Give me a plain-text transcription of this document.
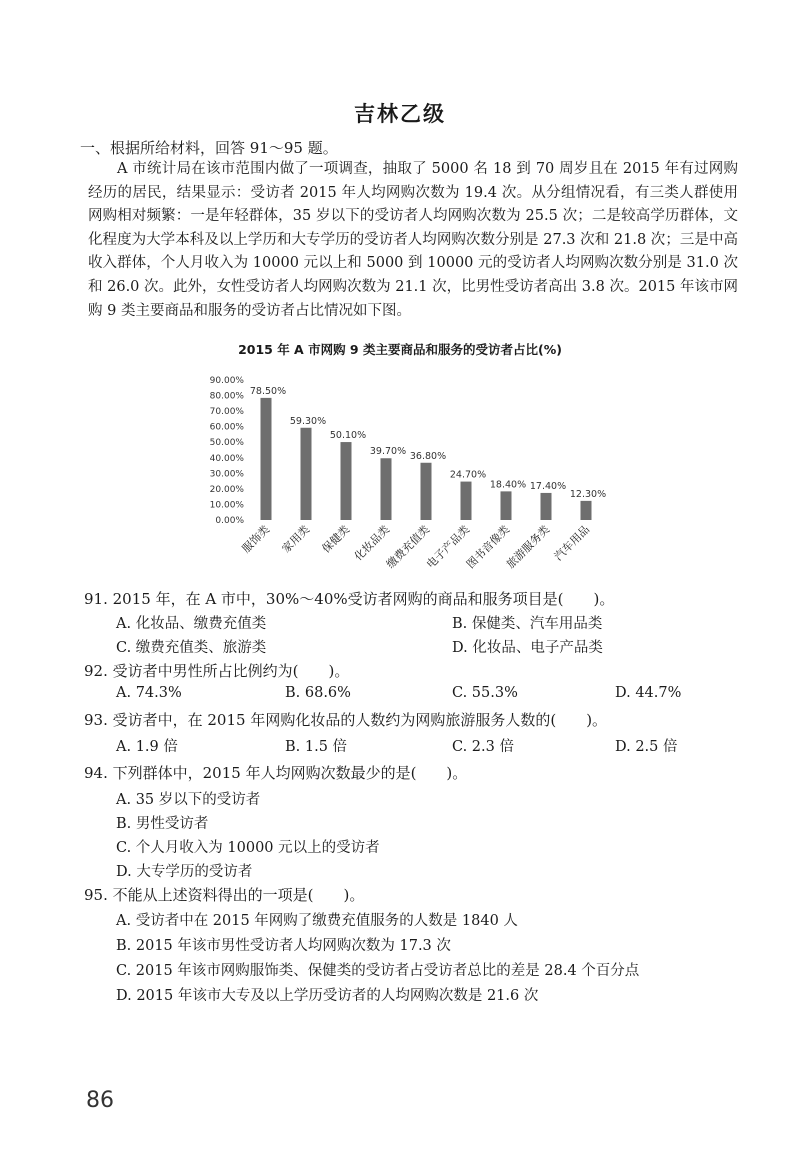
吉林乙级
一、根据所给材料，回答 91～95 题。
A 市统计局在该市范围内做了一项调查，抽取了 5000 名 18 到 70 周岁且在 2015 年有过网购经历的居民，结果显示：受访者 2015 年人均网购次数为 19.4 次。从分组情况看，有三类人群使用网购相对频繁：一是年轻群体，35 岁以下的受访者人均网购次数为 25.5 次；二是较高学历群体，文化程度为大学本科及以上学历和大专学历的受访者人均网购次数分别是 27.3 次和 21.8 次；三是中高收入群体，个人月收入为 10000 元以上和 5000 到 10000 元的受访者人均网购次数分别是 31.0 次和 26.0 次。此外，女性受访者人均网购次数为 21.1 次，比男性受访者高出 3.8 次。2015 年该市网购 9 类主要商品和服务的受访者占比情况如下图。
2015 年 A 市网购 9 类主要商品和服务的受访者占比(%)
90.00%
80.00%
70.00%
60.00%
50.00%
40.00%
30.00%
20.00%
10.00%
0.00%
78.50%
服饰类
59.30%
家用类
50.10%
保健类
39.70%
化妆品类
36.80%
缴费充值类
24.70%
电子产品类
18.40%
图书音像类
17.40%
旅游服务类
12.30%
汽车用品
91. 2015 年，在 A 市中，30%～40%受访者网购的商品和服务项目是(　　)。
A. 化妆品、缴费充值类	B. 保健类、汽车用品类
C. 缴费充值类、旅游类	D. 化妆品、电子产品类
92. 受访者中男性所占比例约为(　　)。
A. 74.3%	B. 68.6%	C. 55.3%	D. 44.7%
93. 受访者中，在 2015 年网购化妆品的人数约为网购旅游服务人数的(　　)。
A. 1.9 倍	B. 1.5 倍	C. 2.3 倍	D. 2.5 倍
94. 下列群体中，2015 年人均网购次数最少的是(　　)。
A. 35 岁以下的受访者
B. 男性受访者
C. 个人月收入为 10000 元以上的受访者
D. 大专学历的受访者
95. 不能从上述资料得出的一项是(　　)。
A. 受访者中在 2015 年网购了缴费充值服务的人数是 1840 人
B. 2015 年该市男性受访者人均网购次数为 17.3 次
C. 2015 年该市网购服饰类、保健类的受访者占受访者总比的差是 28.4 个百分点
D. 2015 年该市大专及以上学历受访者的人均网购次数是 21.6 次
86
